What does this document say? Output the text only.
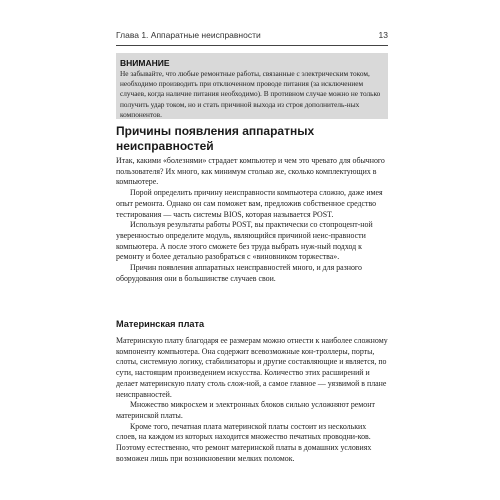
Глава 1. Аппаратные неисправности	13
ВНИМАНИЕ

Не забывайте, что любые ремонтные работы, связанные с электрическим током, необходимо производить при отключенном проводе питания (за исключением случаев, когда наличие питания необходимо). В противном случае можно не только получить удар током, но и стать причиной выхода из строя дополнитель-ных компонентов.

Причины появления аппаратных
неисправностей

Итак, какими «болезнями» страдает компьютер и чем это чревато для обычного пользователя? Их много, как минимум столько же, сколько комплектующих в компьютере.

Порой определить причину неисправности компьютера сложно, даже имея опыт ремонта. Однако он сам поможет вам, предложив собственное средство тестирования — часть системы BIOS, которая называется POST.

Используя результаты работы POST, вы практически со стопроцент-ной уверенностью определите модуль, являющийся причиной неис-правности компьютера. А после этого сможете без труда выбрать нуж-ный подход к ремонту и более детально разобраться с «виновником торжества».

Причин появления аппаратных неисправностей много, и для разного оборудования они в большинстве случаев свои.

Материнская плата

Материнскую плату благодаря ее размерам можно отнести к наиболее сложному компоненту компьютера. Она содержит всевозможные кон-троллеры, порты, слоты, системную логику, стабилизаторы и другие составляющие и является, по сути, настоящим произведением искусства. Количество этих расширений и делает материнскую плату столь слож-ной, а самое главное — уязвимой в плане неисправностей.

Множество микросхем и электронных блоков сильно усложняют ремонт материнской платы.

Кроме того, печатная плата материнской платы состоит из нескольких слоев, на каждом из которых находится множество печатных проводни-ков. Поэтому естественно, что ремонт материнской платы в домашних условиях возможен лишь при возникновении мелких поломок.
